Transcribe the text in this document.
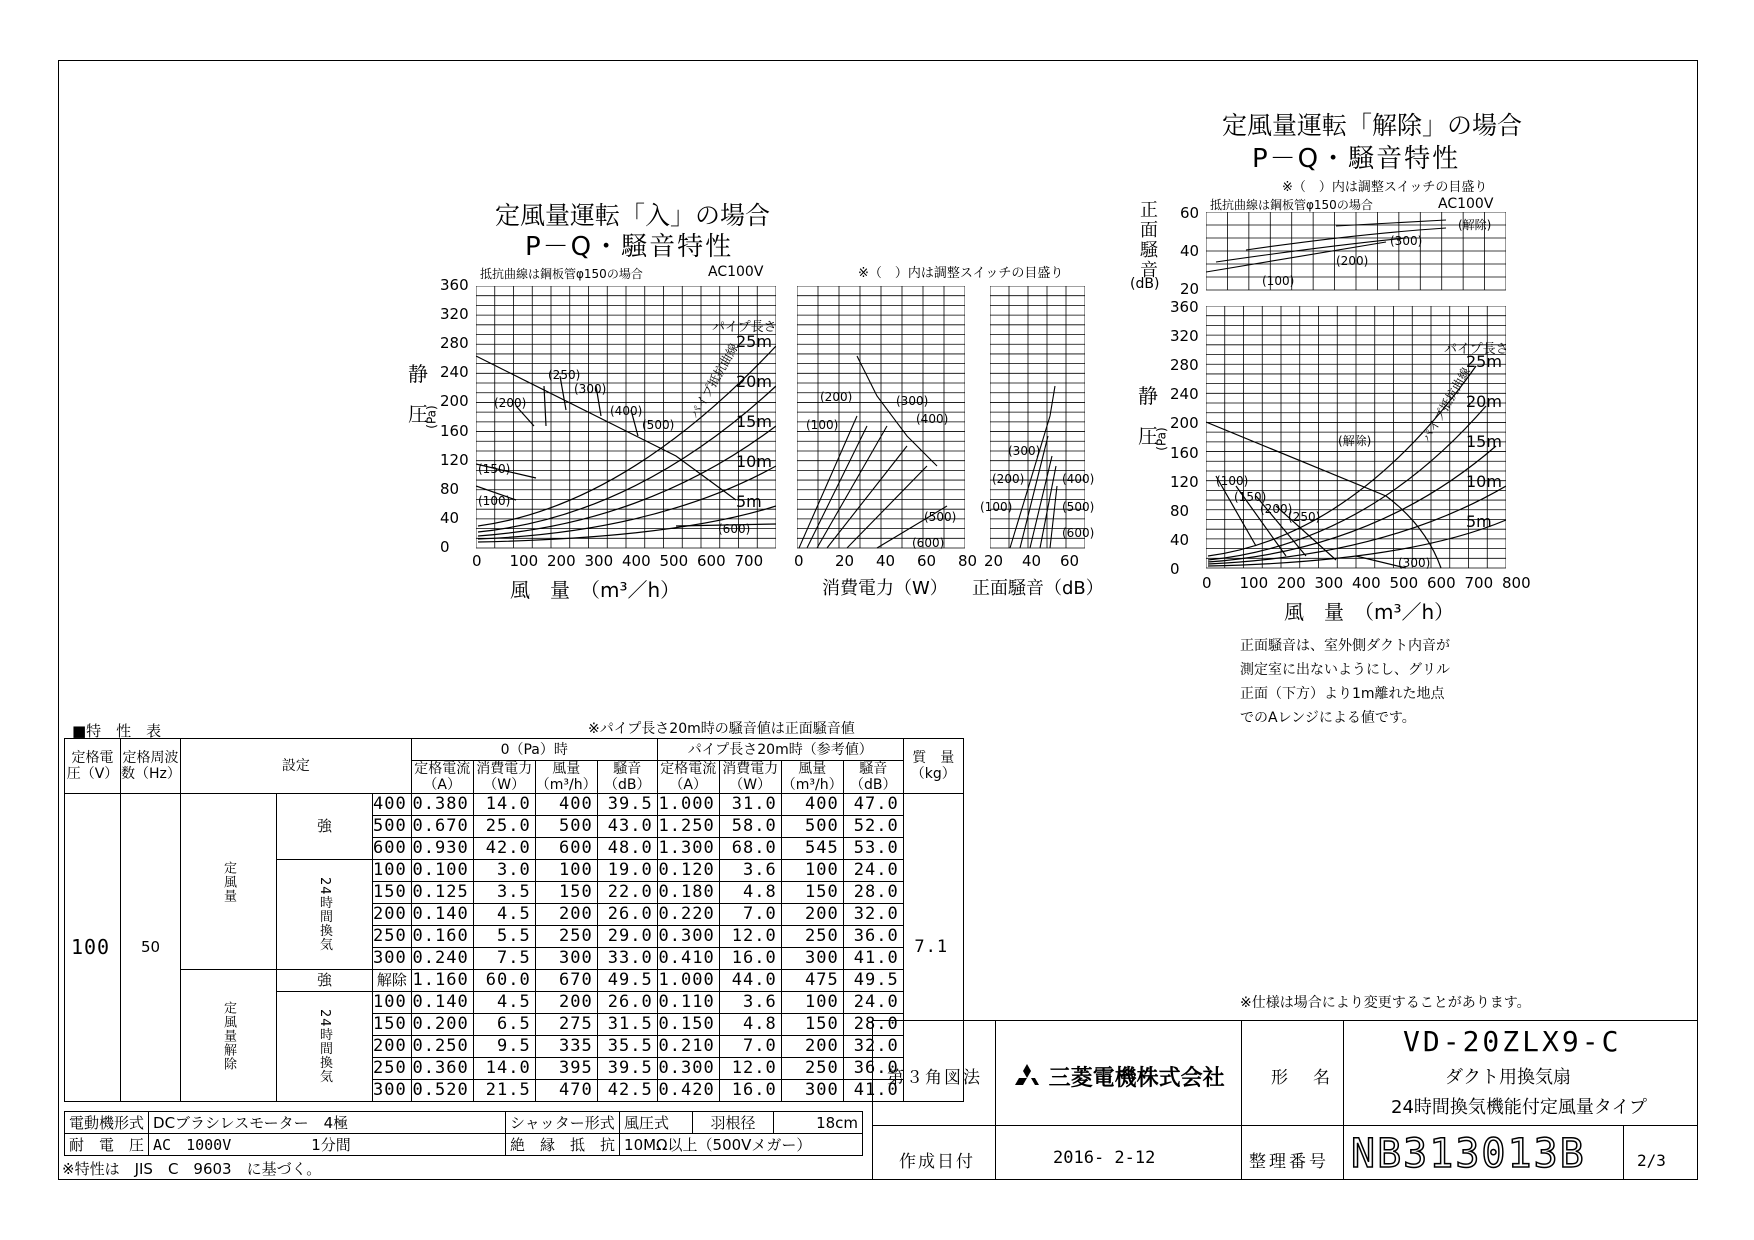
定風量運転「入」の場合
P－Q・騒音特性
抵抗曲線は鋼板管φ150の場合	AC100V	※（　）内は調整スイッチの目盛り
静
圧
(Pa)
360
320
280
240
200
160
120
80
40
0
0 100 200 300 400 500 600 700
(250)
(300)
(200)
(400)
(500)
(150)
(100)
(600)
25m
20m
15m
10m
5m
パイプ長さ
パイプ抵抗曲線
風　量　（m³／h）
0 20 40 60 80
(200)	(300)
(100)	(400)
(500)
(600)
消費電力（W）
20 40 60
(300)
(200)	(400)
(100)	(500)
(600)
正面騒音（dB）
定風量運転「解除」の場合
P－Q・騒音特性
※（　）内は調整スイッチの目盛り
抵抗曲線は鋼板管φ150の場合	AC100V
正
面
騒
音
(dB)
60
40
20
(解除)
(300)
(200)
(100)
静
圧
(Pa)
360
320
280
240
200
160
120
80
40
0
0 100 200 300 400 500 600 700 800
(解除)
(100)
(150)
(200)
(250)
(300)
25m
20m
15m
10m
5m
パイプ長さ
パイプ抵抗曲線
風　量　（m³／h）
正面騒音は、室外側ダクト内音が
測定室に出ないようにし、グリル
正面（下方）より1m離れた地点
でのAレンジによる値です。
■特　性　表	※パイプ長さ20m時の騒音値は正面騒音値
定格電圧（V）	定格周波数（Hz）	設定			0（Pa）時				パイプ長さ20m時（参考値）				質　量（kg）
					定格電流（A）	消費電力（W）	風量（m³/h）	騒音（dB）	定格電流（A）	消費電力（W）	風量（m³/h）	騒音（dB）	

100	50	定風量	強	400	0.380	14.0	400	39.5	1.000	31.0	400	47.0	7.1
				500	0.670	25.0	500	43.0	1.250	58.0	500	52.0	
				600	0.930	42.0	600	48.0	1.300	68.0	545	53.0	
			24時間換気	100	0.100	3.0	100	19.0	0.120	3.6	100	24.0	
				150	0.125	3.5	150	22.0	0.180	4.8	150	28.0	
				200	0.140	4.5	200	26.0	0.220	7.0	200	32.0	
				250	0.160	5.5	250	29.0	0.300	12.0	250	36.0	
				300	0.240	7.5	300	33.0	0.410	16.0	300	41.0	
		定風量解除	強	解除	1.160	60.0	670	49.5	1.000	44.0	475	49.5	
			24時間換気	100	0.140	4.5	200	26.0	0.110	3.6	100	24.0	
				150	0.200	6.5	275	31.5	0.150	4.8	150	28.0	
				200	0.250	9.5	335	35.5	0.210	7.0	200	32.0	
				250	0.360	14.0	395	39.5	0.300	12.0	250	36.0	
				300	0.520	21.5	470	42.5	0.420	16.0	300	41.0	
電動機形式	DCブラシレスモーター　4極	シャッター形式	風圧式	羽根径	18cm
耐　電　圧	AC　1000V 1分間	絶　縁　抵　抗	10MΩ以上（500Vメガー）		
※特性は　JIS　C　9603　に基づく。
※仕様は場合により変更することがあります。
第３角図法	三菱電機株式会社	形　名
VD-20ZLX9-C
ダクト用換気扇
24時間換気機能付定風量タイプ
作成日付	2016- 2-12	整理番号 NB313013B	2/3
